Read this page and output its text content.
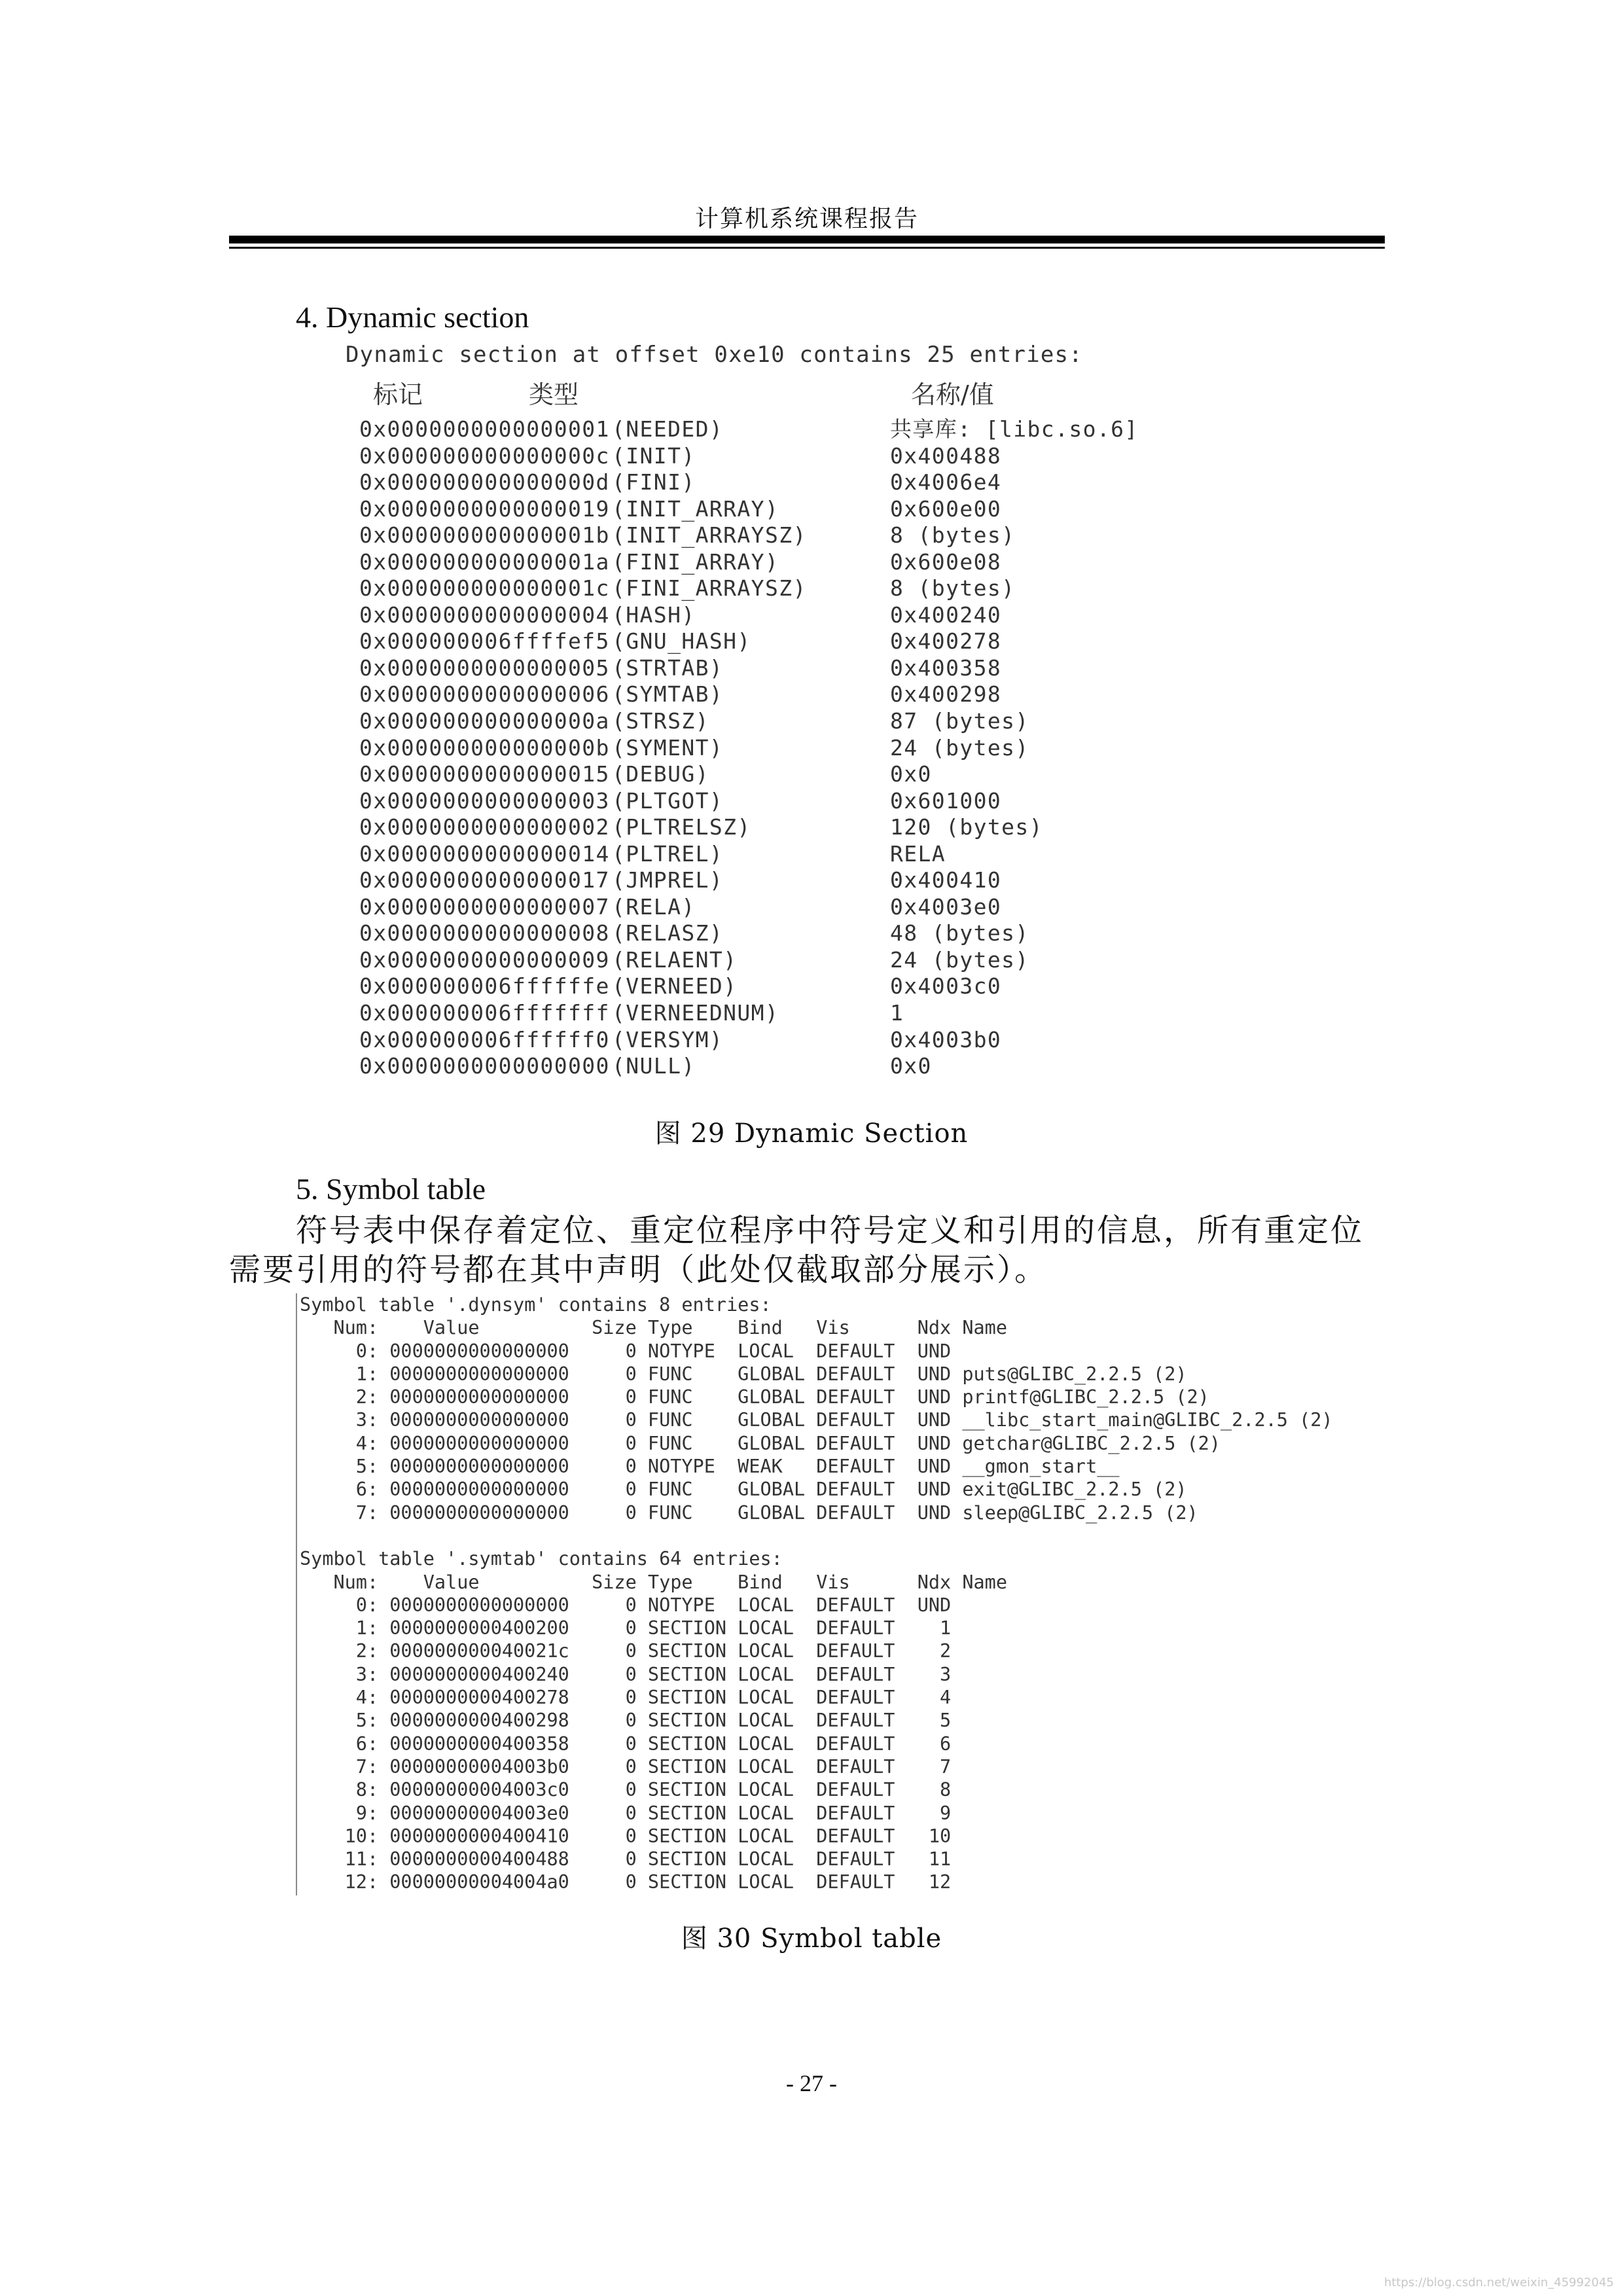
计算机系统课程报告
4. Dynamic section
Dynamic section at offset 0xe10 contains 25 entries:
标记	类型	名称/值
0x0000000000000001 (NEEDED)	共享库: [libc.so.6]
0x000000000000000c (INIT)	0x400488
0x000000000000000d (FINI)	0x4006e4
0x0000000000000019 (INIT_ARRAY)	0x600e00
0x000000000000001b (INIT_ARRAYSZ)	8 (bytes)
0x000000000000001a (FINI_ARRAY)	0x600e08
0x000000000000001c (FINI_ARRAYSZ)	8 (bytes)
0x0000000000000004 (HASH)	0x400240
0x000000006ffffef5 (GNU_HASH)	0x400278
0x0000000000000005 (STRTAB)	0x400358
0x0000000000000006 (SYMTAB)	0x400298
0x000000000000000a (STRSZ)	87 (bytes)
0x000000000000000b (SYMENT)	24 (bytes)
0x0000000000000015 (DEBUG)	0x0
0x0000000000000003 (PLTGOT)	0x601000
0x0000000000000002 (PLTRELSZ)	120 (bytes)
0x0000000000000014 (PLTREL)	RELA
0x0000000000000017 (JMPREL)	0x400410
0x0000000000000007 (RELA)	0x4003e0
0x0000000000000008 (RELASZ)	48 (bytes)
0x0000000000000009 (RELAENT)	24 (bytes)
0x000000006ffffffe (VERNEED)	0x4003c0
0x000000006fffffff (VERNEEDNUM)	1
0x000000006ffffff0 (VERSYM)	0x4003b0
0x0000000000000000 (NULL)	0x0
图 29 Dynamic Section
5. Symbol table
符号表中保存着定位、重定位程序中符号定义和引用的信息，所有重定位需要引用的符号都在其中声明（此处仅截取部分展示）。
Symbol table '.dynsym' contains 8 entries:
Num:    Value          Size Type    Bind   Vis      Ndx Name
0: 0000000000000000     0 NOTYPE  LOCAL  DEFAULT  UND
1: 0000000000000000     0 FUNC    GLOBAL DEFAULT  UND puts@GLIBC_2.2.5 (2)
2: 0000000000000000     0 FUNC    GLOBAL DEFAULT  UND printf@GLIBC_2.2.5 (2)
3: 0000000000000000     0 FUNC    GLOBAL DEFAULT  UND __libc_start_main@GLIBC_2.2.5 (2)
4: 0000000000000000     0 FUNC    GLOBAL DEFAULT  UND getchar@GLIBC_2.2.5 (2)
5: 0000000000000000     0 NOTYPE  WEAK   DEFAULT  UND __gmon_start__
6: 0000000000000000     0 FUNC    GLOBAL DEFAULT  UND exit@GLIBC_2.2.5 (2)
7: 0000000000000000     0 FUNC    GLOBAL DEFAULT  UND sleep@GLIBC_2.2.5 (2)
Symbol table '.symtab' contains 64 entries:
Num:    Value          Size Type    Bind   Vis      Ndx Name
0: 0000000000000000     0 NOTYPE  LOCAL  DEFAULT  UND
1: 0000000000400200     0 SECTION LOCAL  DEFAULT    1
2: 000000000040021c     0 SECTION LOCAL  DEFAULT    2
3: 0000000000400240     0 SECTION LOCAL  DEFAULT    3
4: 0000000000400278     0 SECTION LOCAL  DEFAULT    4
5: 0000000000400298     0 SECTION LOCAL  DEFAULT    5
6: 0000000000400358     0 SECTION LOCAL  DEFAULT    6
7: 00000000004003b0     0 SECTION LOCAL  DEFAULT    7
8: 00000000004003c0     0 SECTION LOCAL  DEFAULT    8
9: 00000000004003e0     0 SECTION LOCAL  DEFAULT    9
10: 0000000000400410     0 SECTION LOCAL  DEFAULT   10
11: 0000000000400488     0 SECTION LOCAL  DEFAULT   11
12: 00000000004004a0     0 SECTION LOCAL  DEFAULT   12
图 30 Symbol table
- 27 -
https://blog.csdn.net/weixin_45992045
